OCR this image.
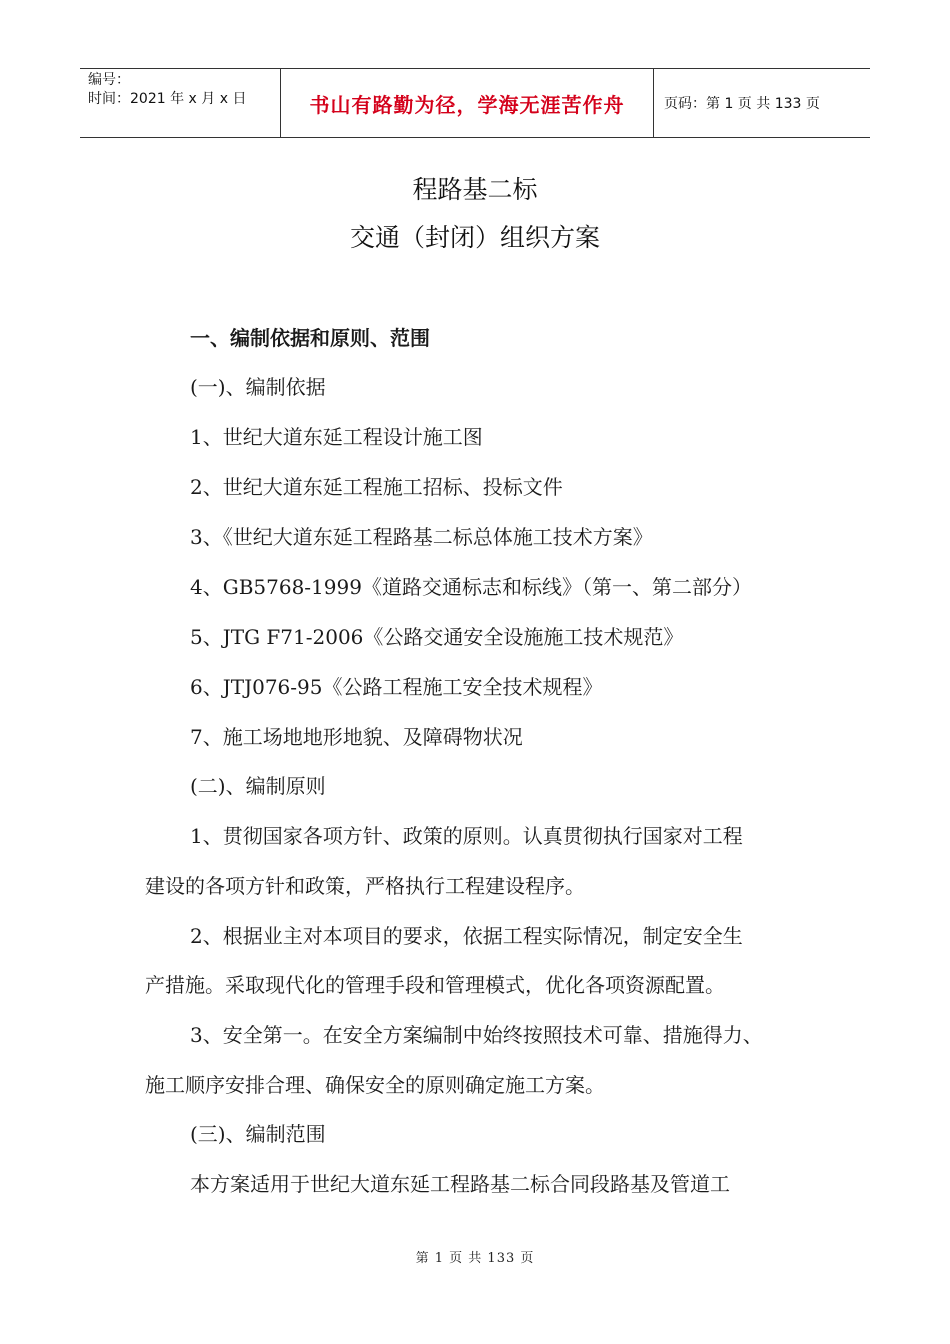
编号：
时间：2021 年 x 月 x 日	书山有路勤为径，学海无涯苦作舟	页码：第 1 页 共 133 页
程路基二标
交通（封闭）组织方案
一、编制依据和原则、范围
(一)、编制依据
1、世纪大道东延工程设计施工图
2、世纪大道东延工程施工招标、投标文件
3、《世纪大道东延工程路基二标总体施工技术方案》
4、GB5768-1999《道路交通标志和标线》（第一、第二部分）
5、JTG F71-2006《公路交通安全设施施工技术规范》
6、JTJ076-95《公路工程施工安全技术规程》
7、施工场地地形地貌、及障碍物状况
(二)、编制原则
1、贯彻国家各项方针、政策的原则。认真贯彻执行国家对工程
建设的各项方针和政策，严格执行工程建设程序。
2、根据业主对本项目的要求，依据工程实际情况，制定安全生
产措施。采取现代化的管理手段和管理模式，优化各项资源配置。
3、安全第一。在安全方案编制中始终按照技术可靠、措施得力、
施工顺序安排合理、确保安全的原则确定施工方案。
(三)、编制范围
本方案适用于世纪大道东延工程路基二标合同段路基及管道工
第 1 页 共 133 页
